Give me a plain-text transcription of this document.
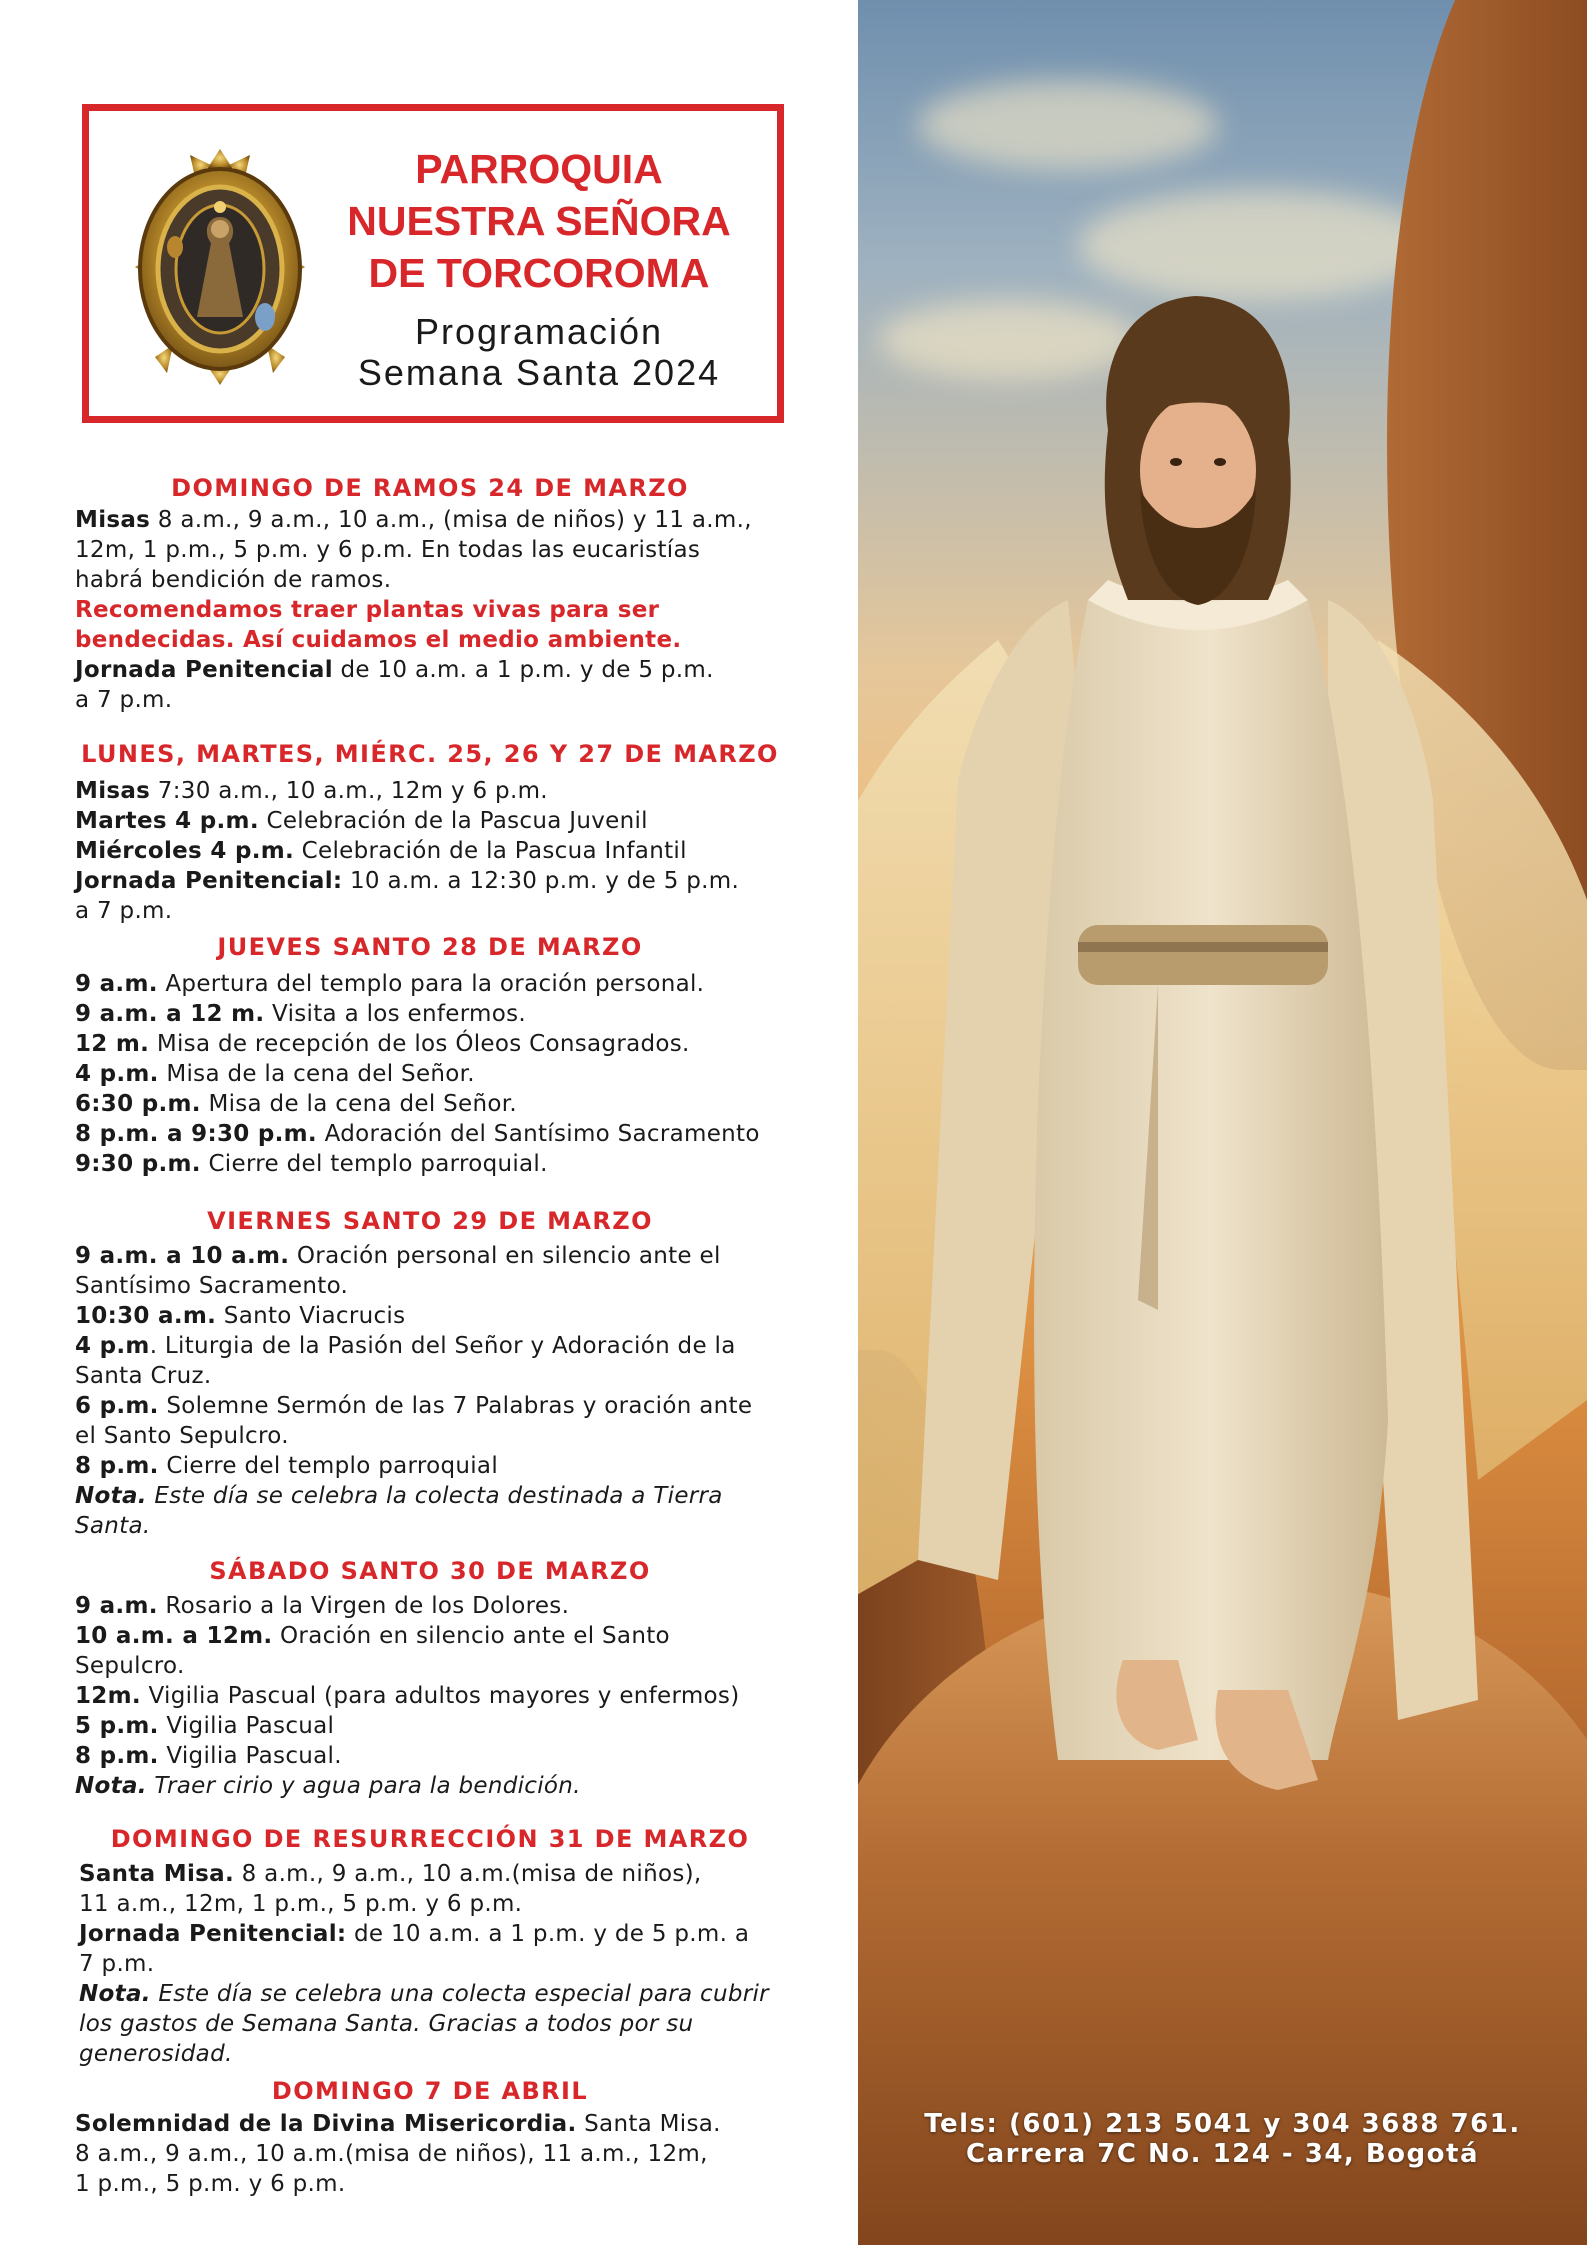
PARROQUIA
NUESTRA SEÑORA
DE TORCOROMA
Programación
Semana Santa 2024
DOMINGO DE RAMOS 24 DE MARZO
Misas 8 a.m., 9 a.m., 10 a.m., (misa de niños) y 11 a.m.,
12m, 1 p.m., 5 p.m. y 6 p.m. En todas las eucaristías
habrá bendición de ramos.
Recomendamos traer plantas vivas para ser
bendecidas. Así cuidamos el medio ambiente.
Jornada Penitencial de 10 a.m. a 1 p.m. y de 5 p.m.
a 7 p.m.
LUNES, MARTES, MIÉRC. 25, 26 Y 27 DE MARZO
Misas 7:30 a.m., 10 a.m., 12m y 6 p.m.
Martes 4 p.m. Celebración de la Pascua Juvenil
Miércoles 4 p.m. Celebración de la Pascua Infantil
Jornada Penitencial: 10 a.m. a 12:30 p.m. y de 5 p.m.
a 7 p.m.
JUEVES SANTO 28 DE MARZO
9 a.m. Apertura del templo para la oración personal.
9 a.m. a 12 m. Visita a los enfermos.
12 m. Misa de recepción de los Óleos Consagrados.
4 p.m. Misa de la cena del Señor.
6:30 p.m. Misa de la cena del Señor.
8 p.m. a 9:30 p.m. Adoración del Santísimo Sacramento
9:30 p.m. Cierre del templo parroquial.
VIERNES SANTO 29 DE MARZO
9 a.m. a 10 a.m. Oración personal en silencio ante el
Santísimo Sacramento.
10:30 a.m. Santo Viacrucis
4 p.m. Liturgia de la Pasión del Señor y Adoración de la
Santa Cruz.
6 p.m. Solemne Sermón de las 7 Palabras y oración ante
el Santo Sepulcro.
8 p.m. Cierre del templo parroquial
Nota. Este día se celebra la colecta destinada a Tierra
Santa.
SÁBADO SANTO 30 DE MARZO
9 a.m. Rosario a la Virgen de los Dolores.
10 a.m. a 12m. Oración en silencio ante el Santo
Sepulcro.
12m. Vigilia Pascual (para adultos mayores y enfermos)
5 p.m. Vigilia Pascual
8 p.m. Vigilia Pascual.
Nota. Traer cirio y agua para la bendición.
DOMINGO DE RESURRECCIÓN 31 DE MARZO
Santa Misa. 8 a.m., 9 a.m., 10 a.m.(misa de niños),
11 a.m., 12m, 1 p.m., 5 p.m. y 6 p.m.
Jornada Penitencial: de 10 a.m. a 1 p.m. y de 5 p.m. a
7 p.m.
Nota. Este día se celebra una colecta especial para cubrir
los gastos de Semana Santa. Gracias a todos por su
generosidad.
DOMINGO 7 DE ABRIL
Solemnidad de la Divina Misericordia. Santa Misa.
8 a.m., 9 a.m., 10 a.m.(misa de niños), 11 a.m., 12m,
1 p.m., 5 p.m. y 6 p.m.
Tels: (601) 213 5041 y 304 3688 761.
Carrera 7C No. 124 - 34, Bogotá
